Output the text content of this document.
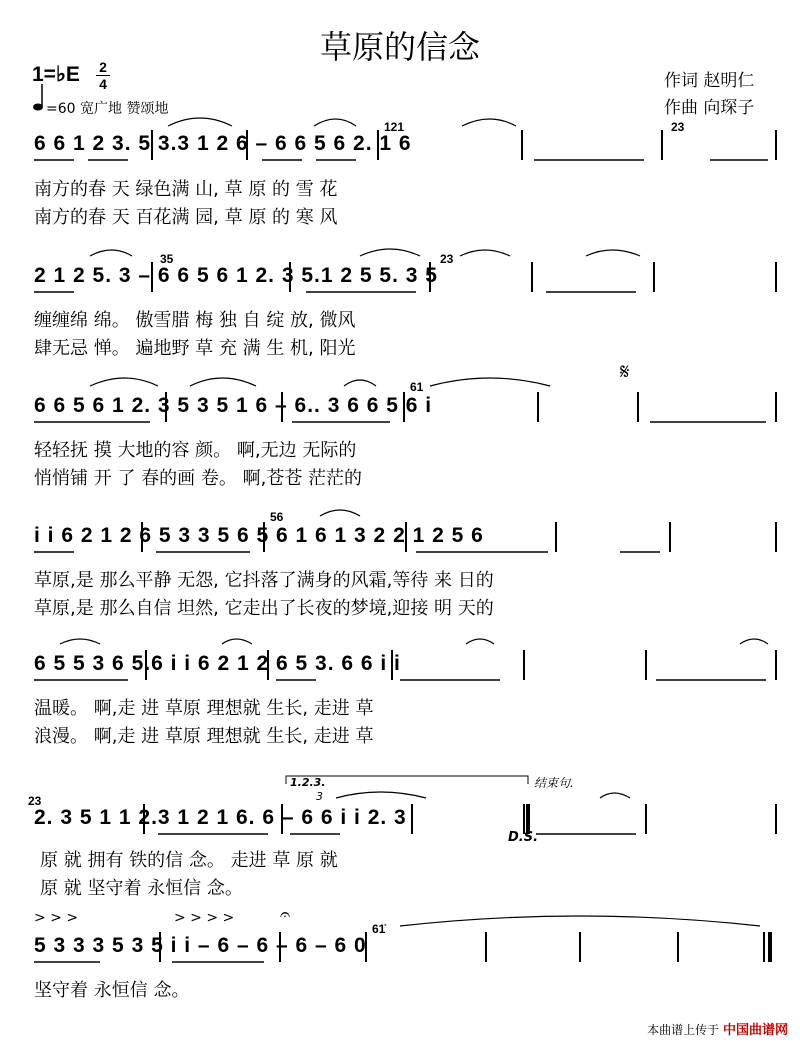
草原的信念
1=♭E 2
4
=60 宽广地 赞颂地
作词 赵明仁
作曲 向琛子
6 6 1 2 3. 5 3.3 1 2 6 – 6 6 5 6 2. 1 6
南方的春 天 绿色满 山, 草 原 的 雪 花
南方的春 天 百花满 园, 草 原 的 寒 风
121	23
2 1 2 5. 3 – 6 6 5 6 1 2. 3 5.1 2 5 5. 3 5
缠缠绵 绵。 傲雪腊 梅 独 自 绽 放, 微风
肆无忌 惮。 遍地野 草 充 满 生 机, 阳光
35	23
6 6 5 6 1 2. 3 5 3 5 1 6 – 6.. 3 6 6 5 6 i
轻轻抚 摸 大地的容 颜。 啊,无边 无际的
悄悄铺 开 了 春的画 卷。 啊,苍苍 茫茫的
61
𝄋
i i 6 2 1 2 6 5 3 3 5 6 5 6 1 6 1 3 2 2 1 2 5 6
草原,是 那么平静 无怨, 它抖落了满身的风霜,等待 来 日的
草原,是 那么自信 坦然, 它走出了长夜的梦境,迎接 明 天的
56
6 5 5 3 6 5.6 i i 6 2 1 2 6 5 3. 6 6 i i
温暖。 啊,走 进 草原 理想就 生长, 走进 草
浪漫。 啊,走 进 草原 理想就 生长, 走进 草
1.2.3.	结束句.
3
23
2. 3 5 1 1 2.3 1 2 1 6. 6 – 6 6 i i 2. 3
D.S.
原 就 拥有 铁的信 念。 走进 草 原 就
原 就 坚守着 永恒信 念。
> > >	> > > >	𝄐
61̇
5 3 3 3 5 3 5 i i – 6 – 6 – 6 – 6 0
坚守着 永恒信 念。
本曲谱上传于 中国曲谱网
